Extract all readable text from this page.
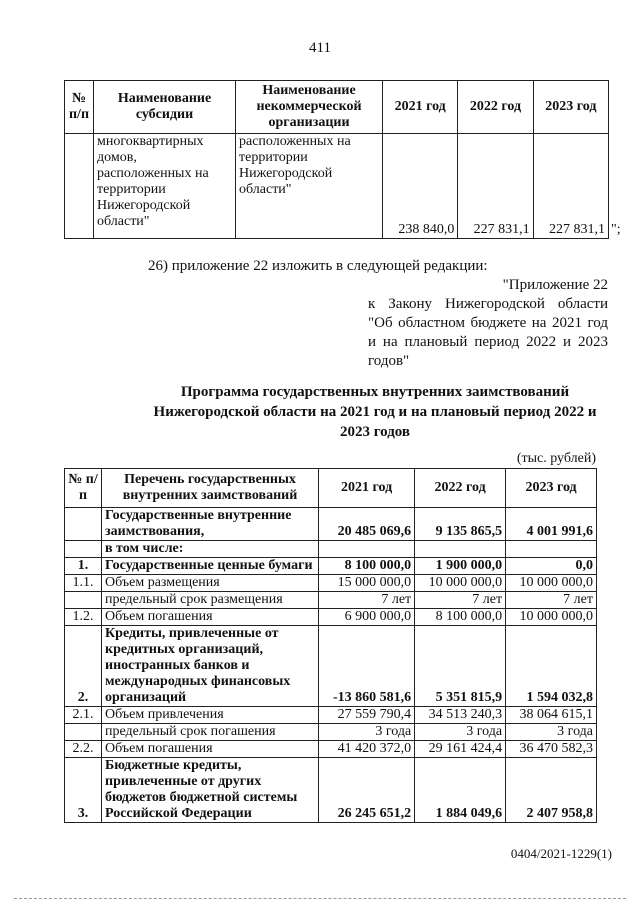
411
№ п/п	Наименование субсидии	Наименование некоммерческой организации	2021 год	2022 год	2023 год
	многоквартирных домов, расположенных на территории Нижегородской области"	расположенных на территории Нижегородской области"	238 840,0	227 831,1	227 831,1 ";
26) приложение 22 изложить в следующей редакции:
"Приложение 22
к Закону Нижегородской области "Об областном бюджете на 2021 год и на плановый период 2022 и 2023 годов"
Программа государственных внутренних заимствований Нижегородской области на 2021 год и на плановый период 2022 и 2023 годов
(тыс. рублей)
№ п/п	Перечень государственных внутренних заимствований	2021 год	2022 год	2023 год
	Государственные внутренние заимствования,	20 485 069,6	9 135 865,5	4 001 991,6
	в том числе:			
1.	Государственные ценные бумаги	8 100 000,0	1 900 000,0	0,0
1.1.	Объем размещения	15 000 000,0	10 000 000,0	10 000 000,0
	предельный срок размещения	7 лет	7 лет	7 лет
1.2.	Объем погашения	6 900 000,0	8 100 000,0	10 000 000,0
2.	Кредиты, привлеченные от кредитных организаций, иностранных банков и международных финансовых организаций	-13 860 581,6	5 351 815,9	1 594 032,8
2.1.	Объем привлечения	27 559 790,4	34 513 240,3	38 064 615,1
	предельный срок погашения	3 года	3 года	3 года
2.2.	Объем погашения	41 420 372,0	29 161 424,4	36 470 582,3
3.	Бюджетные кредиты, привлеченные от других бюджетов бюджетной системы Российской Федерации	26 245 651,2	1 884 049,6	2 407 958,8
0404/2021-1229(1)
